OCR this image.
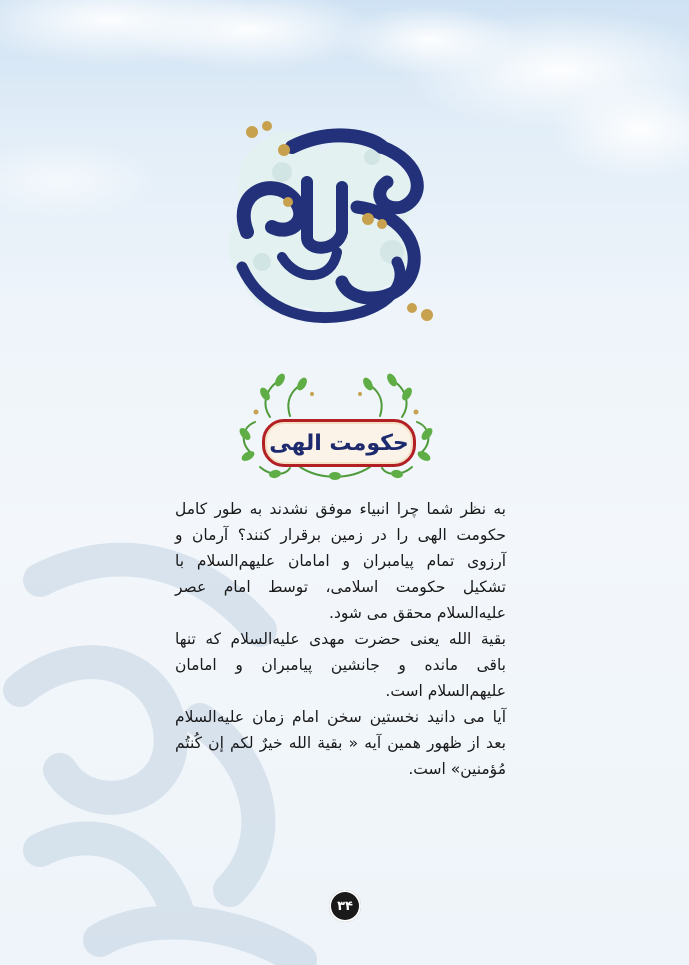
حکومت الهی

به نظر شما چرا انبیاء موفق نشدند به طور کامل حکومت الهی را در زمین برقرار کنند؟ آرمان و آرزوی تمام پیامبران و امامان علیهم‌السلام با تشکیل حکومت اسلامی، توسط امام عصر علیه‌السلام محقق می شود.

بقیة الله یعنی حضرت مهدی علیه‌السلام که تنها باقی مانده و جانشین پیامبران و امامان علیهم‌السلام است.

آیا می دانید نخستین سخن امام زمان علیه‌السلام بعد از ظهور همین آیه « بقیة الله خیرٌ لکم إن کُنتُم مُؤمنین» است.

۳۴
